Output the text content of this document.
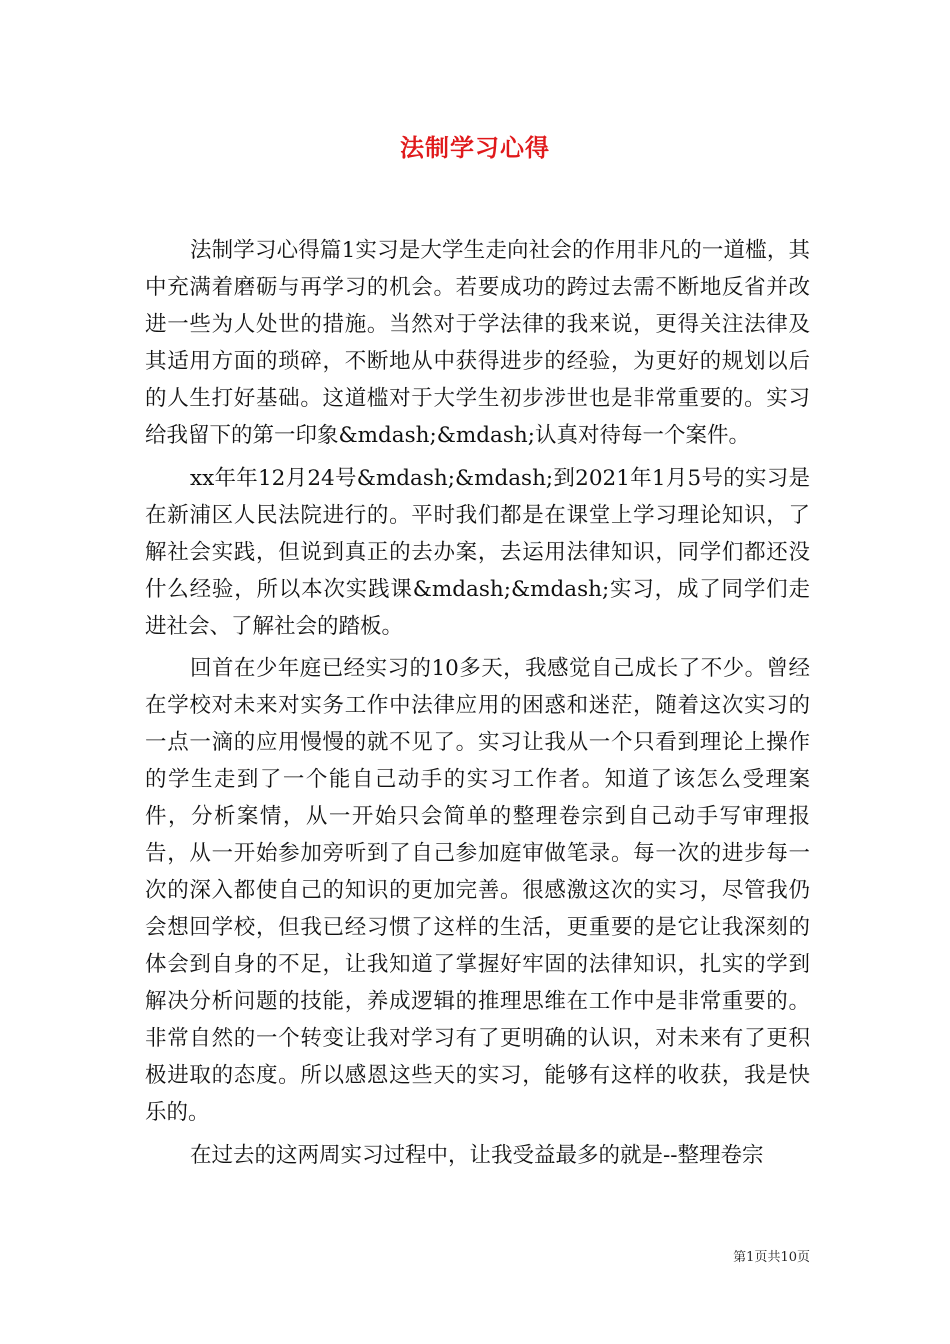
法制学习心得

法制学习心得篇1实习是大学生走向社会的作用非凡的一道槛，其中充满着磨砺与再学习的机会。若要成功的跨过去需不断地反省并改进一些为人处世的措施。当然对于学法律的我来说，更得关注法律及其适用方面的琐碎，不断地从中获得进步的经验，为更好的规划以后的人生打好基础。这道槛对于大学生初步涉世也是非常重要的。实习给我留下的第一印象&mdash;&mdash;认真对待每一个案件。

xx年年12月24号&mdash;&mdash;到2021年1月5号的实习是在新浦区人民法院进行的。平时我们都是在课堂上学习理论知识，了解社会实践，但说到真正的去办案，去运用法律知识，同学们都还没什么经验，所以本次实践课&mdash;&mdash;实习，成了同学们走进社会、了解社会的踏板。

回首在少年庭已经实习的10多天，我感觉自己成长了不少。曾经在学校对未来对实务工作中法律应用的困惑和迷茫，随着这次实习的一点一滴的应用慢慢的就不见了。实习让我从一个只看到理论上操作的学生走到了一个能自己动手的实习工作者。知道了该怎么受理案件，分析案情，从一开始只会简单的整理卷宗到自己动手写审理报告，从一开始参加旁听到了自己参加庭审做笔录。每一次的进步每一次的深入都使自己的知识的更加完善。很感激这次的实习，尽管我仍会想回学校，但我已经习惯了这样的生活，更重要的是它让我深刻的体会到自身的不足，让我知道了掌握好牢固的法律知识，扎实的学到解决分析问题的技能，养成逻辑的推理思维在工作中是非常重要的。非常自然的一个转变让我对学习有了更明确的认识，对未来有了更积极进取的态度。所以感恩这些天的实习，能够有这样的收获，我是快乐的。

在过去的这两周实习过程中，让我受益最多的就是--整理卷宗

第1页共10页
